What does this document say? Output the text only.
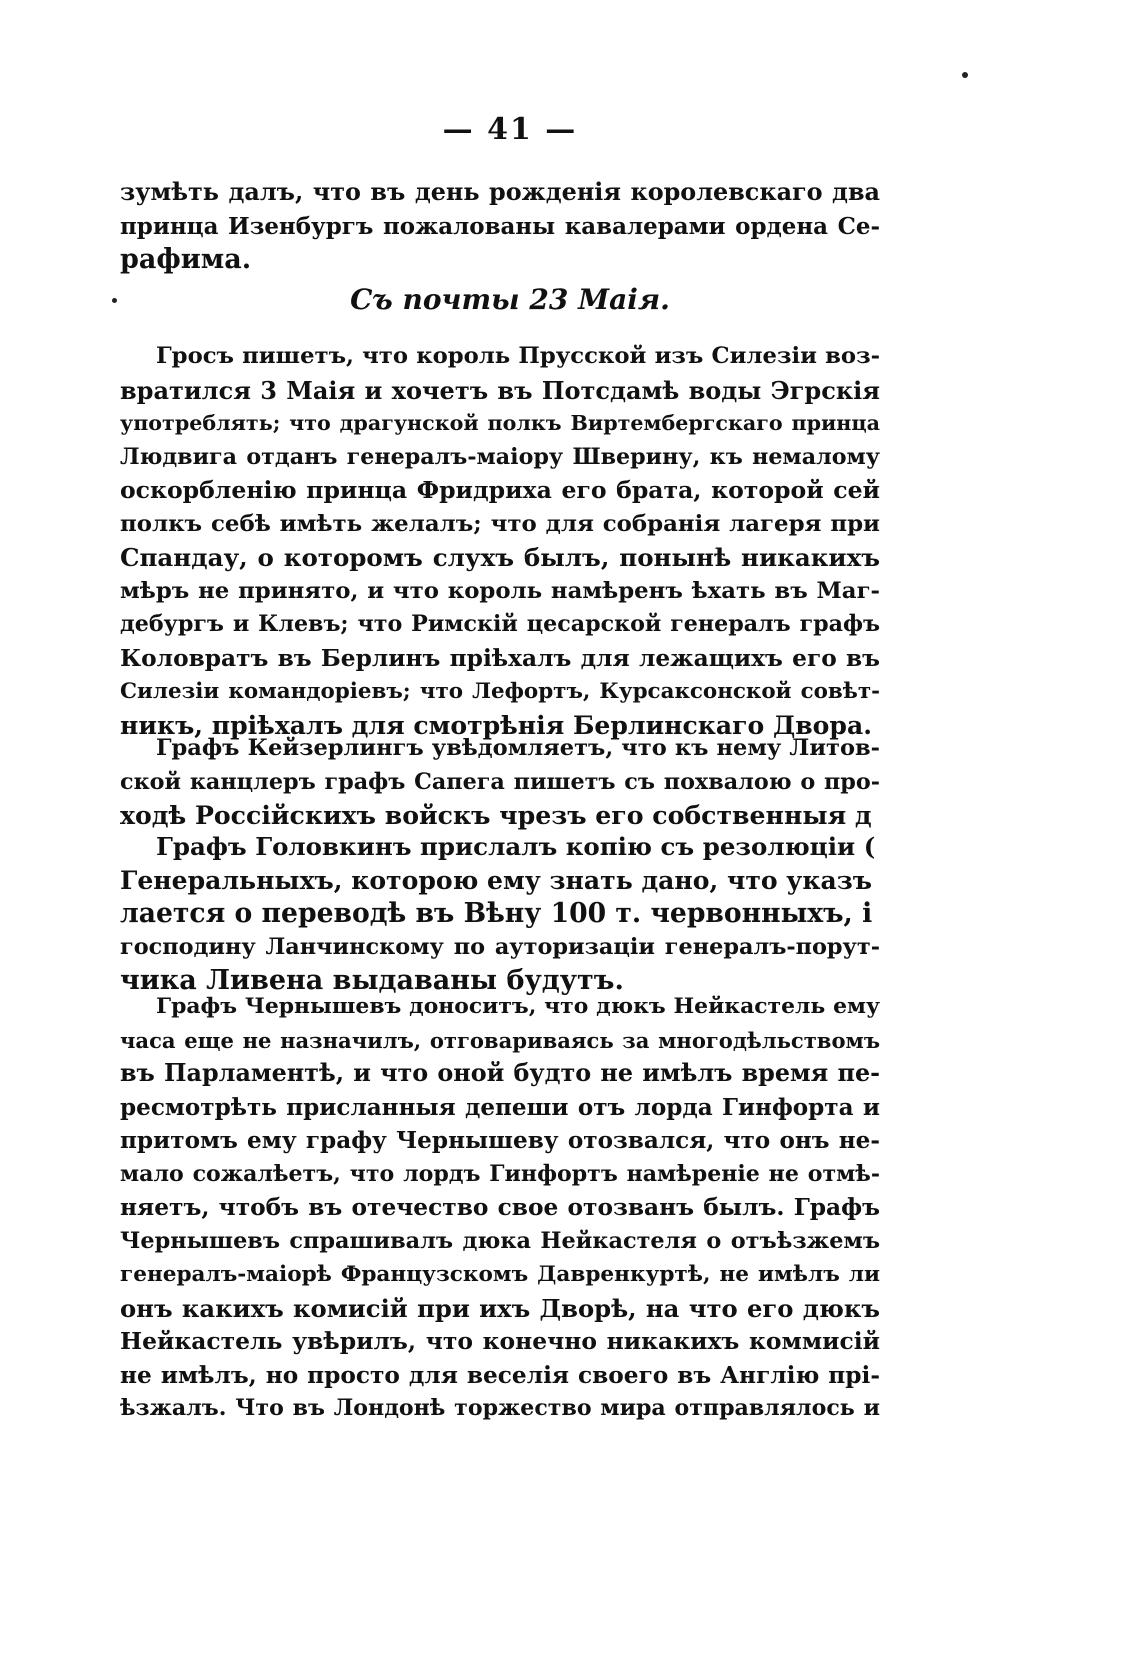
— 41 —
зумѣть далъ, что въ день рожденія королевскаго два
принца Изенбургъ пожалованы кавалерами ордена Се-
рафима.
Съ почты 23 Маія.
Гросъ пишетъ, что король Прусской изъ Силезіи воз-
вратился 3 Маія и хочетъ въ Потсдамѣ воды Эгрскія
употреблять; что драгунской полкъ Виртембергскаго принца
Людвига отданъ генералъ-маіору Шверину, къ немалому
оскорбленію принца Фридриха его брата, которой сей
полкъ себѣ имѣть желалъ; что для собранія лагеря при
Спандау, о которомъ слухъ былъ, понынѣ никакихъ
мѣръ не принято, и что король намѣренъ ѣхать въ Маг-
дебургъ и Клевъ; что Римскій цесарской генералъ графъ
Коловратъ въ Берлинъ пріѣхалъ для лежащихъ его въ
Силезіи командоріевъ; что Лефортъ, Курсаксонской совѣт-
никъ, пріѣхалъ для смотрѣнія Берлинскаго Двора.
Графъ Кейзерлингъ увѣдомляетъ, что къ нему Литов-
ской канцлеръ графъ Сапега пишетъ съ похвалою о про-
ходѣ Россійскихъ войскъ чрезъ его собственныя д
Графъ Головкинъ прислалъ копію съ резолюціи (
Генеральныхъ, которою ему знать дано, что указъ
лается о переводѣ въ Вѣну 100 т. червонныхъ, і
господину Ланчинскому по ауторизаціи генералъ-порут-
чика Ливена выдаваны будутъ.
Графъ Чернышевъ доноситъ, что дюкъ Нейкастель ему
часа еще не назначилъ, отговариваясь за многодѣльствомъ
въ Парламентѣ, и что оной будто не имѣлъ время пе-
ресмотрѣть присланныя депеши отъ лорда Гинфорта и
притомъ ему графу Чернышеву отозвался, что онъ не-
мало сожалѣетъ, что лордъ Гинфортъ намѣреніе не отмѣ-
няетъ, чтобъ въ отечество свое отозванъ былъ. Графъ
Чернышевъ спрашивалъ дюка Нейкастеля о отъѣзжемъ
генералъ-маіорѣ Французскомъ Давренкуртѣ, не имѣлъ ли
онъ какихъ комисій при ихъ Дворѣ, на что его дюкъ
Нейкастель увѣрилъ, что конечно никакихъ коммисій
не имѣлъ, но просто для веселія своего въ Англію прі-
ѣзжалъ. Что въ Лондонѣ торжество мира отправлялось и
